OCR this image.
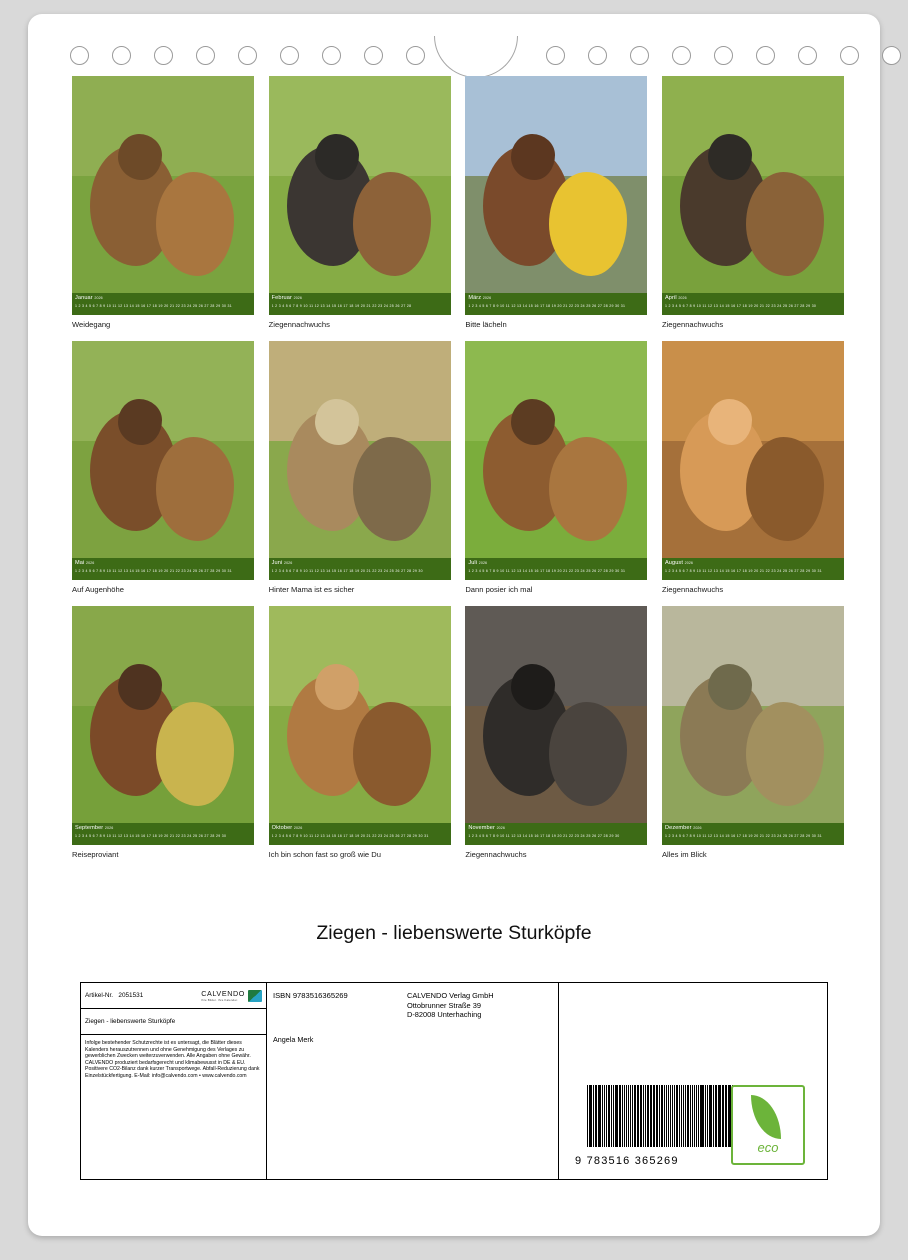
Januar $^{2026}$
1 2 3 4 5 6 7 8 9 10 11 12 13 14 15 16 17 18 19 20 21 22 23 24 25 26 27 28 29 30 31
Weidegang
Februar $^{2026}$
1 2 3 4 5 6 7 8 9 10 11 12 13 14 15 16 17 18 19 20 21 22 23 24 25 26 27 28
Ziegennachwuchs
März $^{2026}$
1 2 3 4 5 6 7 8 9 10 11 12 13 14 15 16 17 18 19 20 21 22 23 24 25 26 27 28 29 30 31
Bitte lächeln
April $^{2026}$
1 2 3 4 5 6 7 8 9 10 11 12 13 14 15 16 17 18 19 20 21 22 23 24 25 26 27 28 29 30
Ziegennachwuchs
Mai $^{2026}$
1 2 3 4 5 6 7 8 9 10 11 12 13 14 15 16 17 18 19 20 21 22 23 24 25 26 27 28 29 30 31
Auf Augenhöhe
Juni $^{2026}$
1 2 3 4 5 6 7 8 9 10 11 12 13 14 15 16 17 18 19 20 21 22 23 24 25 26 27 28 29 30
Hinter Mama ist es sicher
Juli $^{2026}$
1 2 3 4 5 6 7 8 9 10 11 12 13 14 15 16 17 18 19 20 21 22 23 24 25 26 27 28 29 30 31
Dann posier ich mal
August $^{2026}$
1 2 3 4 5 6 7 8 9 10 11 12 13 14 15 16 17 18 19 20 21 22 23 24 25 26 27 28 29 30 31
Ziegennachwuchs
September $^{2026}$
1 2 3 4 5 6 7 8 9 10 11 12 13 14 15 16 17 18 19 20 21 22 23 24 25 26 27 28 29 30
Reiseproviant
Oktober $^{2026}$
1 2 3 4 5 6 7 8 9 10 11 12 13 14 15 16 17 18 19 20 21 22 23 24 25 26 27 28 29 30 31
Ich bin schon fast so groß wie Du
November $^{2026}$
1 2 3 4 5 6 7 8 9 10 11 12 13 14 15 16 17 18 19 20 21 22 23 24 25 26 27 28 29 30
Ziegennachwuchs
Dezember $^{2026}$
1 2 3 4 5 6 7 8 9 10 11 12 13 14 15 16 17 18 19 20 21 22 23 24 25 26 27 28 29 30 31
Alles im Blick
Ziegen - liebenswerte Sturköpfe
Artikel-Nr. 2051531	CALVENDO
Ihre Bilder. Ihre Kalender.
Ziegen - liebenswerte Sturköpfe
Infolge bestehender Schutzrechte ist es untersagt, die Blätter dieses Kalenders herauszutrennen und ohne Genehmigung des Verlages zu gewerblichen Zwecken weiterzuverwenden. Alle Angaben ohne Gewähr. CALVENDO produziert bedarfsgerecht und klimabewusst in DE & EU. Positivere CO2-Bilanz dank kurzer Transportwege. Abfall-Reduzierung dank Einzelstückfertigung. E-Mail: info@calvendo.com • www.calvendo.com
ISBN 9783516365269
Angela Merk
CALVENDO Verlag GmbH
Ottobrunner Straße 39
D-82008 Unterhaching
9 783516 365269
eco
